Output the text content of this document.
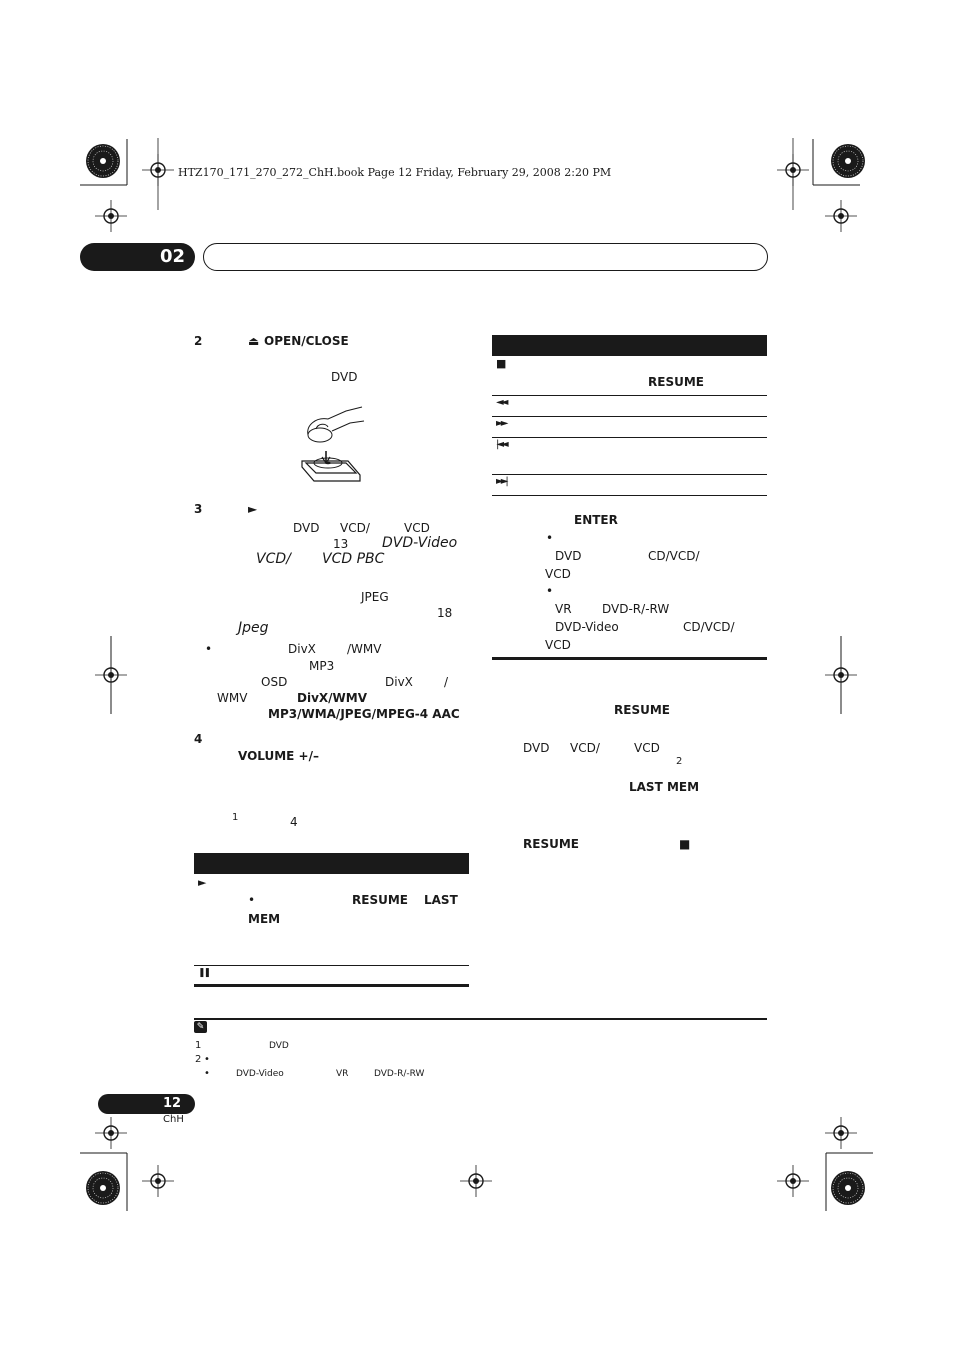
HTZ170_171_270_272_ChH.book Page 12 Friday, February 29, 2008 2:20 PM
02
2	⏏ OPEN/CLOSE
DVD
3	►
DVD VCD/	VCD
13 DVD-Video
VCD/ VCD PBC
JPEG
18
Jpeg
•	DivX	/WMV
MP3
OSD	DivX	/
WMV	DivX/WMV
MP3/WMA/JPEG/MPEG-4 AAC
4
VOLUME +/–
1	4
►
•	RESUME LAST
MEM
❚❚
■
RESUME
◄◄
►►
|◄◄
►►|
ENTER
•
DVD	CD/VCD/
VCD
•
VR	DVD-R/-RW
DVD-Video	CD/VCD/
VCD
RESUME
DVD VCD/	VCD
2
LAST MEM
RESUME	■
✎
1	DVD
2 •
•	DVD-Video	VR	DVD-R/-RW
12
ChH
